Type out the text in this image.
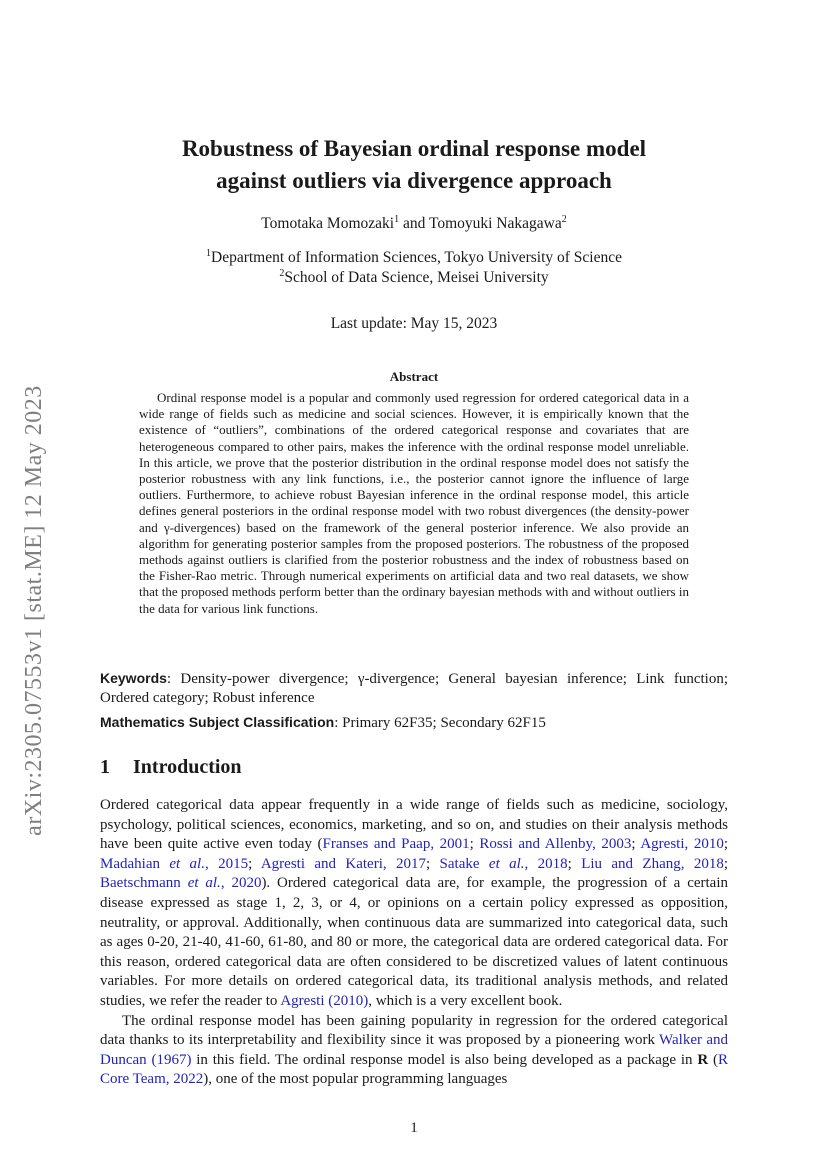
arXiv:2305.07553v1 [stat.ME] 12 May 2023
Robustness of Bayesian ordinal response model
against outliers via divergence approach
Tomotaka Momozaki$^1$ and Tomoyuki Nakagawa$^2$
$^1$Department of Information Sciences, Tokyo University of Science
$^2$School of Data Science, Meisei University
Last update: May 15, 2023
Abstract

Ordinal response model is a popular and commonly used regression for ordered categorical data in a wide range of fields such as medicine and social sciences. However, it is empirically known that the existence of “outliers”, combinations of the ordered categorical response and covariates that are heterogeneous compared to other pairs, makes the inference with the ordinal response model unreliable. In this article, we prove that the posterior distribution in the ordinal response model does not satisfy the posterior robustness with any link functions, i.e., the posterior cannot ignore the influence of large outliers. Furthermore, to achieve robust Bayesian inference in the ordinal response model, this article defines general posteriors in the ordinal response model with two robust divergences (the density-power and γ-divergences) based on the framework of the general posterior inference. We also provide an algorithm for generating posterior samples from the proposed posteriors. The robustness of the proposed methods against outliers is clarified from the posterior robustness and the index of robustness based on the Fisher-Rao metric. Through numerical experiments on artificial data and two real datasets, we show that the proposed methods perform better than the ordinary bayesian methods with and without outliers in the data for various link functions.

Keywords: Density-power divergence; γ-divergence; General bayesian inference; Link function; Ordered category; Robust inference

Mathematics Subject Classification: Primary 62F35; Secondary 62F15

1 Introduction

Ordered categorical data appear frequently in a wide range of fields such as medicine, sociology, psychology, political sciences, economics, marketing, and so on, and studies on their analysis methods have been quite active even today (Franses and Paap, 2001; Rossi and Allenby, 2003; Agresti, 2010; Madahian et al., 2015; Agresti and Kateri, 2017; Satake et al., 2018; Liu and Zhang, 2018; Baetschmann et al., 2020). Ordered categorical data are, for example, the progression of a certain disease expressed as stage 1, 2, 3, or 4, or opinions on a certain policy expressed as opposition, neutrality, or approval. Additionally, when continuous data are summarized into categorical data, such as ages 0-20, 21-40, 41-60, 61-80, and 80 or more, the categorical data are ordered categorical data. For this reason, ordered categorical data are often considered to be discretized values of latent continuous variables. For more details on ordered categorical data, its traditional analysis methods, and related studies, we refer the reader to Agresti (2010), which is a very excellent book.

The ordinal response model has been gaining popularity in regression for the ordered categorical data thanks to its interpretability and flexibility since it was proposed by a pioneering work Walker and Duncan (1967) in this field. The ordinal response model is also being developed as a package in R (R Core Team, 2022), one of the most popular programming languages

1
